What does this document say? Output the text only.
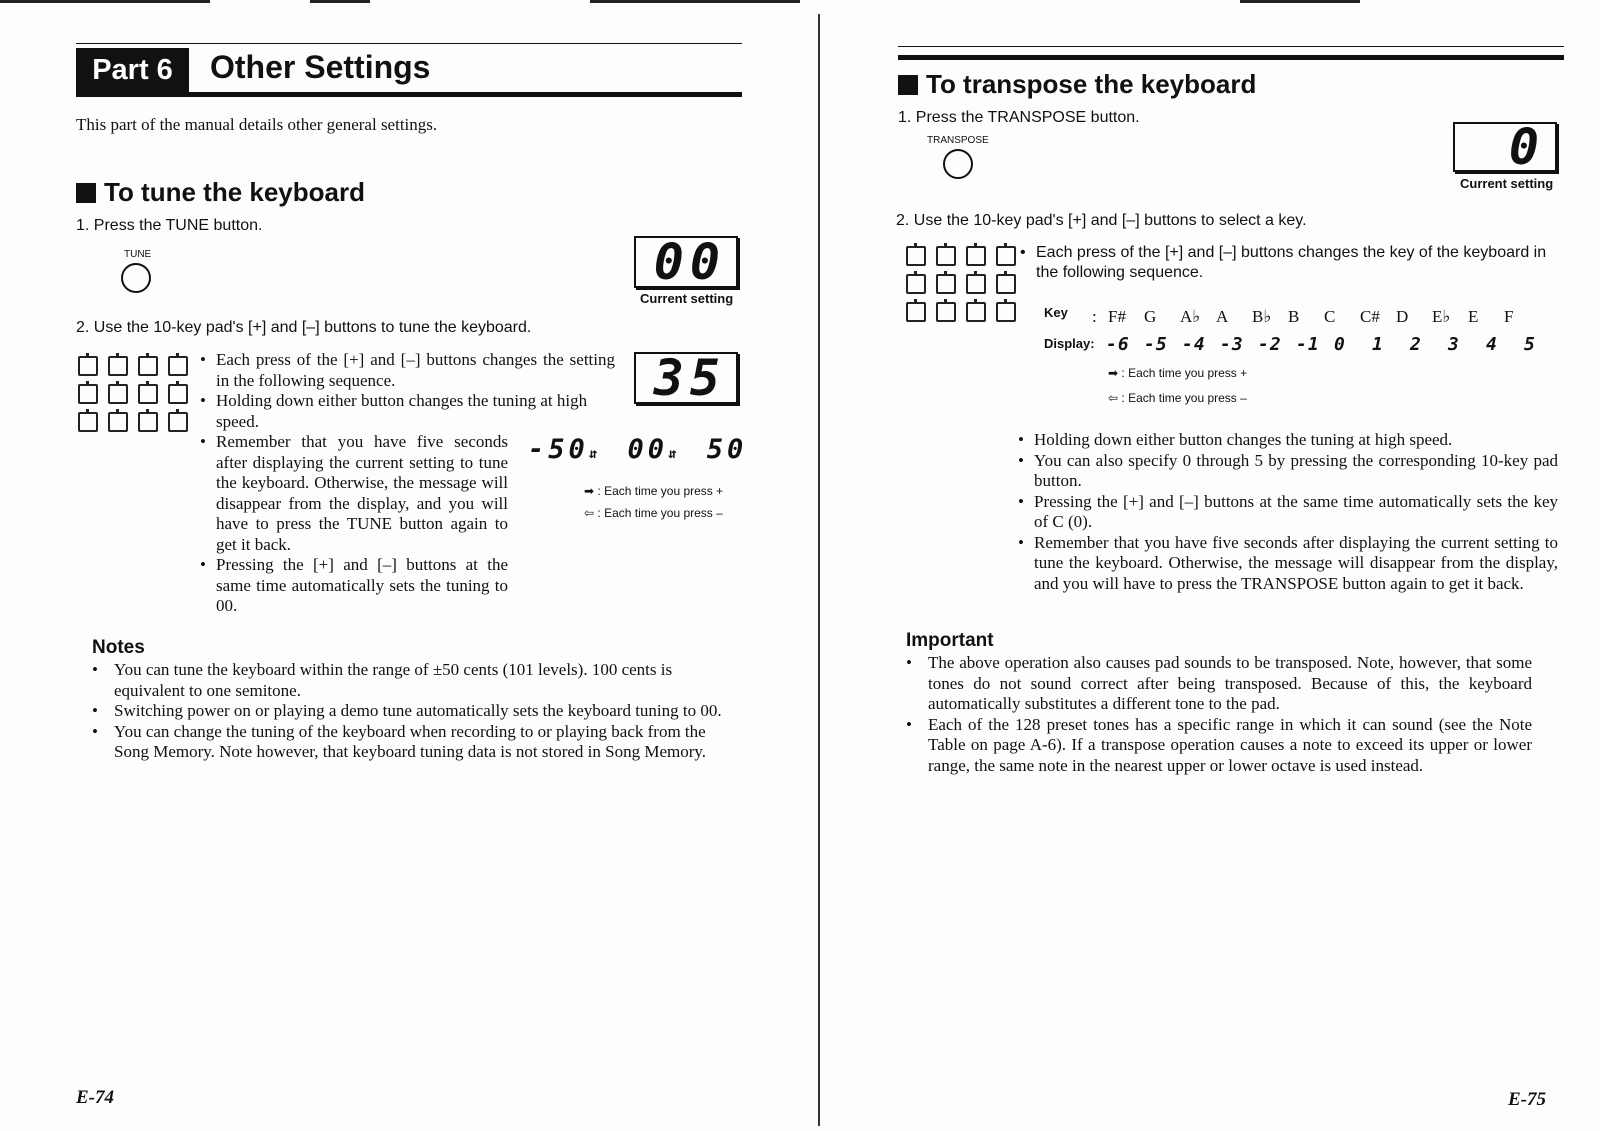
Part 6	Other Settings
This part of the manual details other general settings.
To tune the keyboard
1. Press the TUNE button.
TUNE	00
Current setting
2. Use the 10-key pad's [+] and [–] buttons to tune the keyboard.
35
• Each press of the [+] and [–] buttons changes the setting in the following sequence.
• Holding down either button changes the tuning at high speed.
• Remember that you have five seconds after displaying the current setting to tune the keyboard. Otherwise, the message will disappear from the display, and you will have to press the TUNE button again to get it back.
• Pressing the [+] and [–] buttons at the same time automatically sets the tuning to 00.
-50⇵ 00⇵ 50
➡ : Each time you press +
⇦ : Each time you press –
Notes
• You can tune the keyboard within the range of ±50 cents (101 levels). 100 cents is equivalent to one semitone.
• Switching power on or playing a demo tune automatically sets the keyboard tuning to 00.
• You can change the tuning of the keyboard when recording to or playing back from the Song Memory. Note however, that keyboard tuning data is not stored in Song Memory.
E-74
To transpose the keyboard
1. Press the TRANSPOSE button.
TRANSPOSE	0
Current setting
2. Use the 10-key pad's [+] and [–] buttons to select a key.
• Each press of the [+] and [–] buttons changes the key of the keyboard in the following sequence.
Key : F# G A♭ A B♭ B C C# D E♭ E F
Display: -6 -5 -4 -3 -2 -1 0 1 2 3 4 5
➡ : Each time you press +
⇦ : Each time you press –
• Holding down either button changes the tuning at high speed.
• You can also specify 0 through 5 by pressing the corresponding 10-key pad button.
• Pressing the [+] and [–] buttons at the same time automatically sets the key of C (0).
• Remember that you have five seconds after displaying the current setting to tune the keyboard. Otherwise, the message will disappear from the display, and you will have to press the TRANSPOSE button again to get it back.
Important
• The above operation also causes pad sounds to be transposed. Note, however, that some tones do not sound correct after being transposed. Because of this, the keyboard automatically substitutes a different tone to the pad.
• Each of the 128 preset tones has a specific range in which it can sound (see the Note Table on page A-6). If a transpose operation causes a note to exceed its upper or lower range, the same note in the nearest upper or lower octave is used instead.
E-75
